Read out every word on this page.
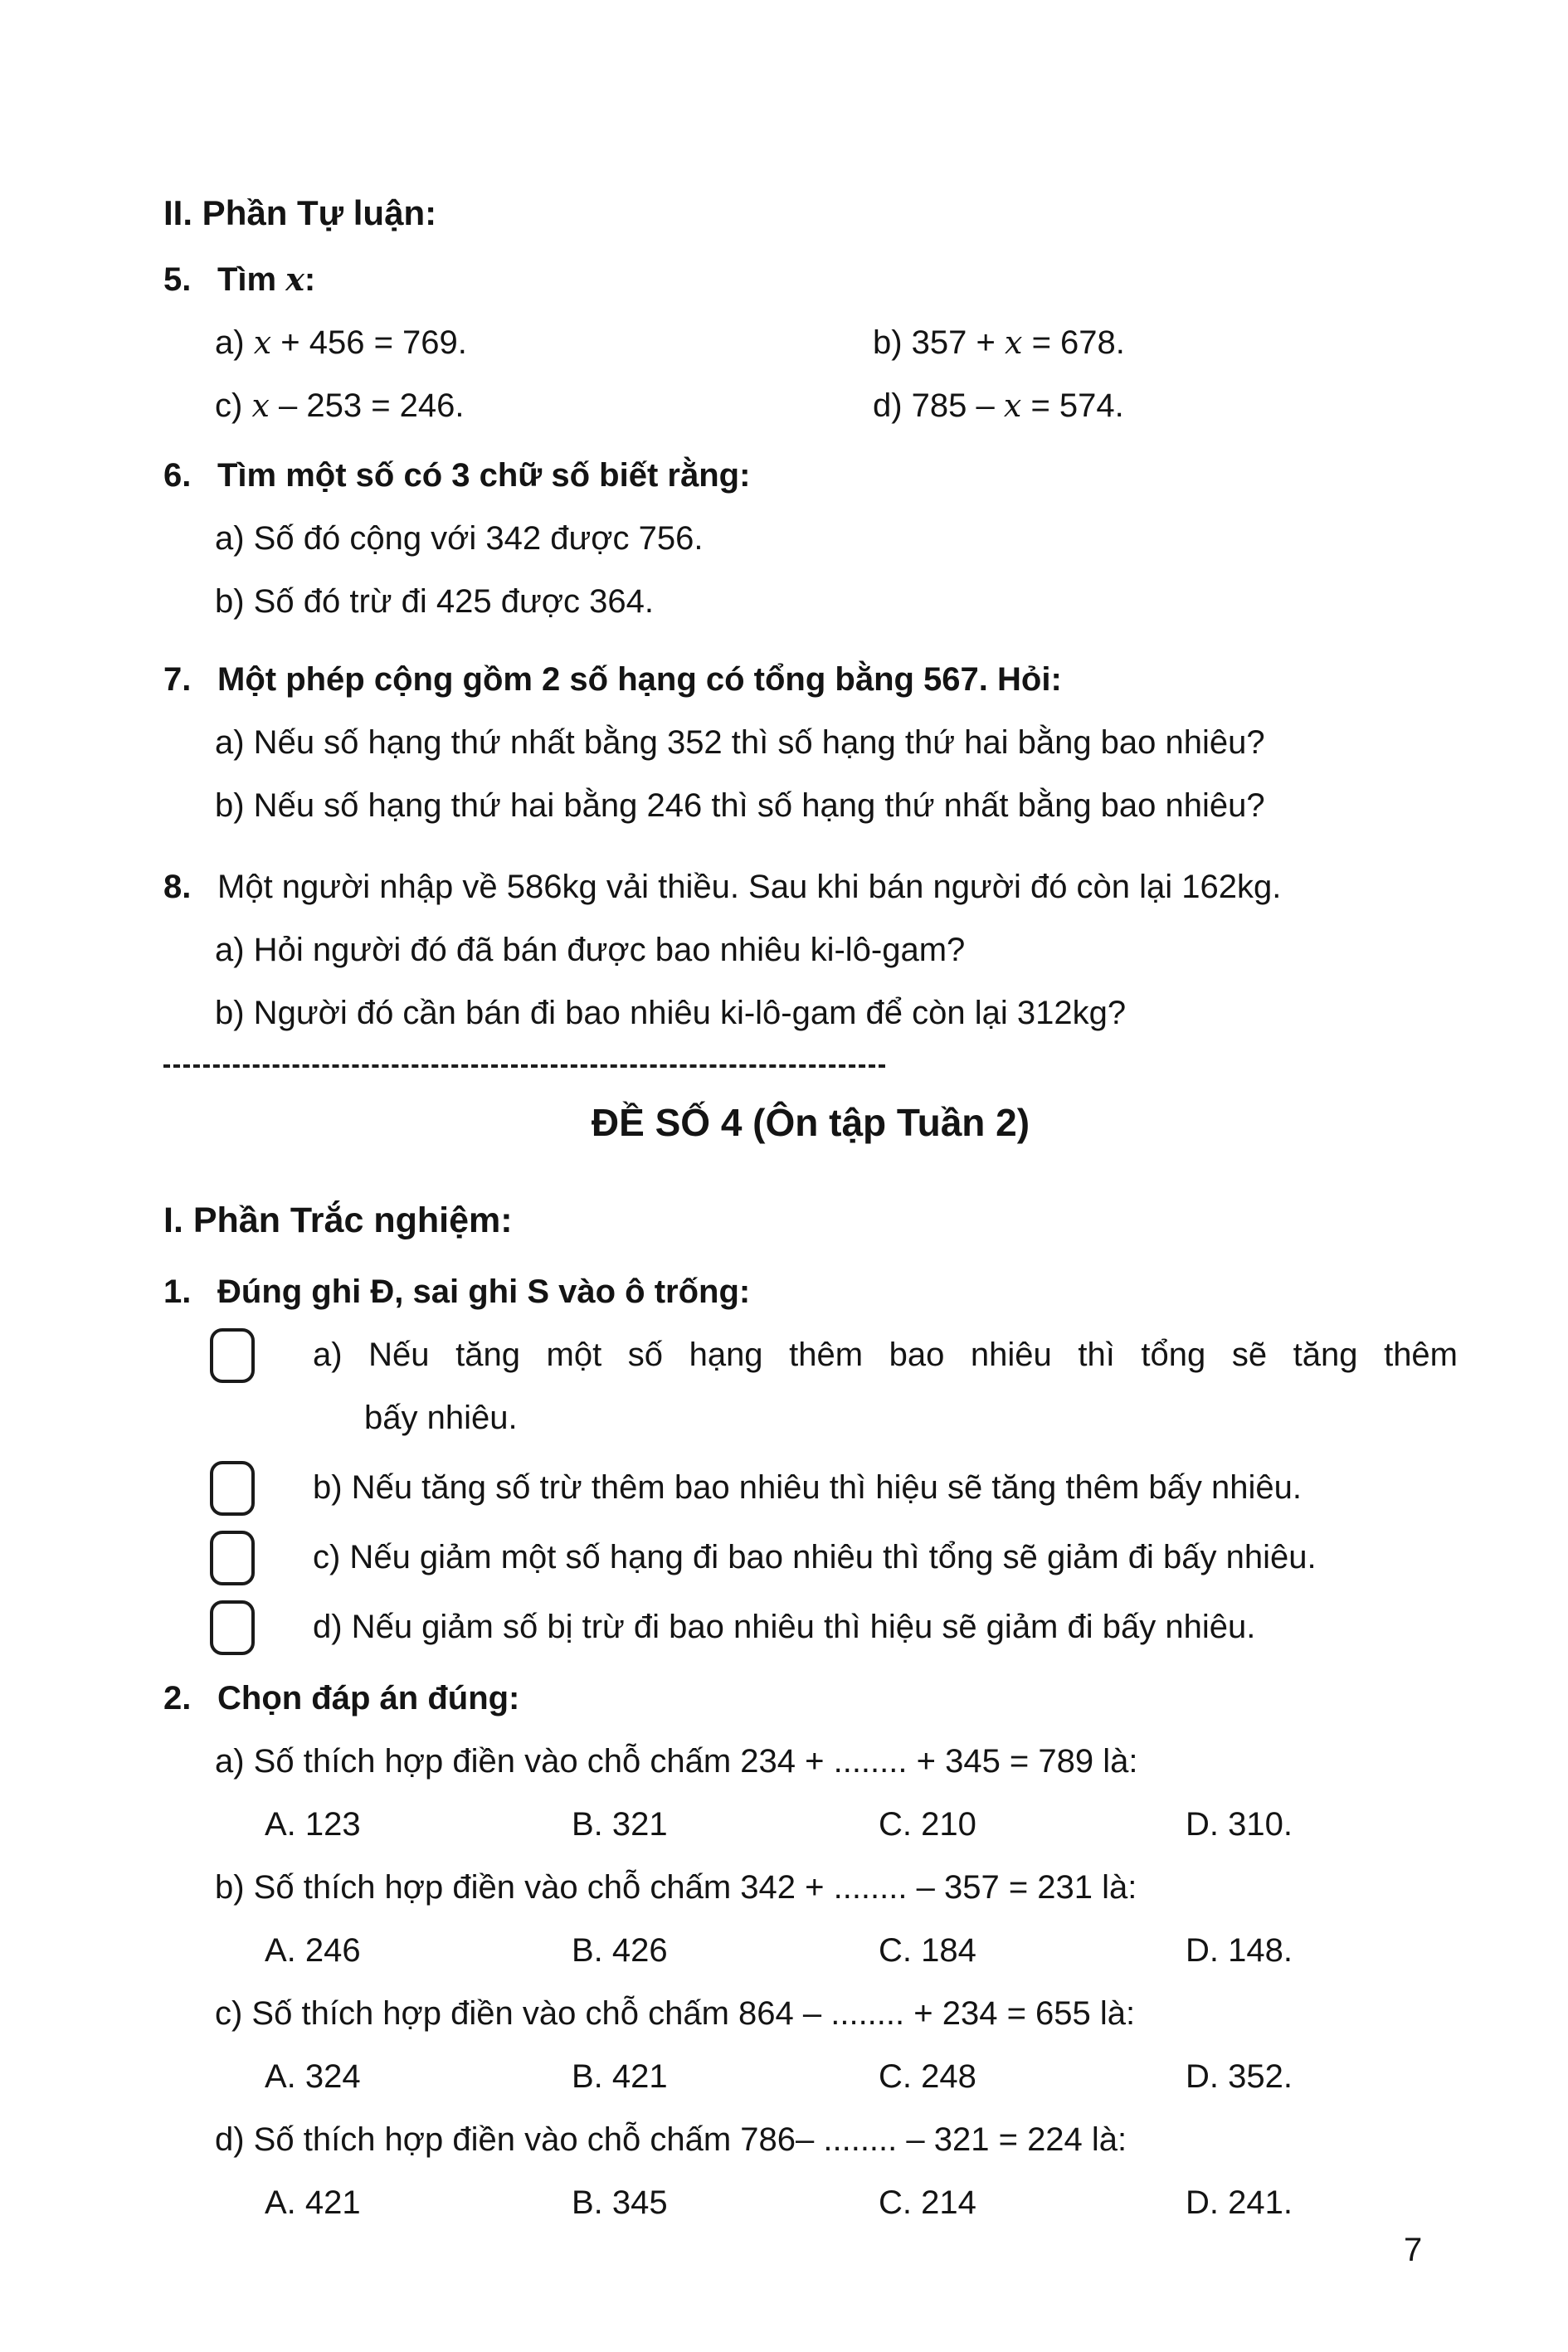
II. Phần Tự luận:
5. Tìm x:
a) x + 456 = 769.	b) 357 + x = 678.
c) x – 253 = 246.	d) 785 – x = 574.
6. Tìm một số có 3 chữ số biết rằng:
a) Số đó cộng với 342 được 756.
b) Số đó trừ đi 425 được 364.
7. Một phép cộng gồm 2 số hạng có tổng bằng 567. Hỏi:
a) Nếu số hạng thứ nhất bằng 352 thì số hạng thứ hai bằng bao nhiêu?
b) Nếu số hạng thứ hai bằng 246 thì số hạng thứ nhất bằng bao nhiêu?
8. Một người nhập về 586kg vải thiều. Sau khi bán người đó còn lại 162kg.
a) Hỏi người đó đã bán được bao nhiêu ki-lô-gam?
b) Người đó cần bán đi bao nhiêu ki-lô-gam để còn lại 312kg?
ĐỀ SỐ 4 (Ôn tập Tuần 2)
I. Phần Trắc nghiệm:
1. Đúng ghi Đ, sai ghi S vào ô trống:
a) Nếu tăng một số hạng thêm bao nhiêu thì tổng sẽ tăng thêm
bấy nhiêu.
b) Nếu tăng số trừ thêm bao nhiêu thì hiệu sẽ tăng thêm bấy nhiêu.
c) Nếu giảm một số hạng đi bao nhiêu thì tổng sẽ giảm đi bấy nhiêu.
d) Nếu giảm số bị trừ đi bao nhiêu thì hiệu sẽ giảm đi bấy nhiêu.
2. Chọn đáp án đúng:
a) Số thích hợp điền vào chỗ chấm 234 + ........ + 345 = 789 là:
A. 123	B. 321	C. 210	D. 310.
b) Số thích hợp điền vào chỗ chấm 342 + ........ – 357 = 231 là:
A. 246	B. 426	C. 184	D. 148.
c) Số thích hợp điền vào chỗ chấm 864 – ........ + 234 = 655 là:
A. 324	B. 421	C. 248	D. 352.
d) Số thích hợp điền vào chỗ chấm 786– ........ – 321 = 224 là:
A. 421	B. 345	C. 214	D. 241.
7
